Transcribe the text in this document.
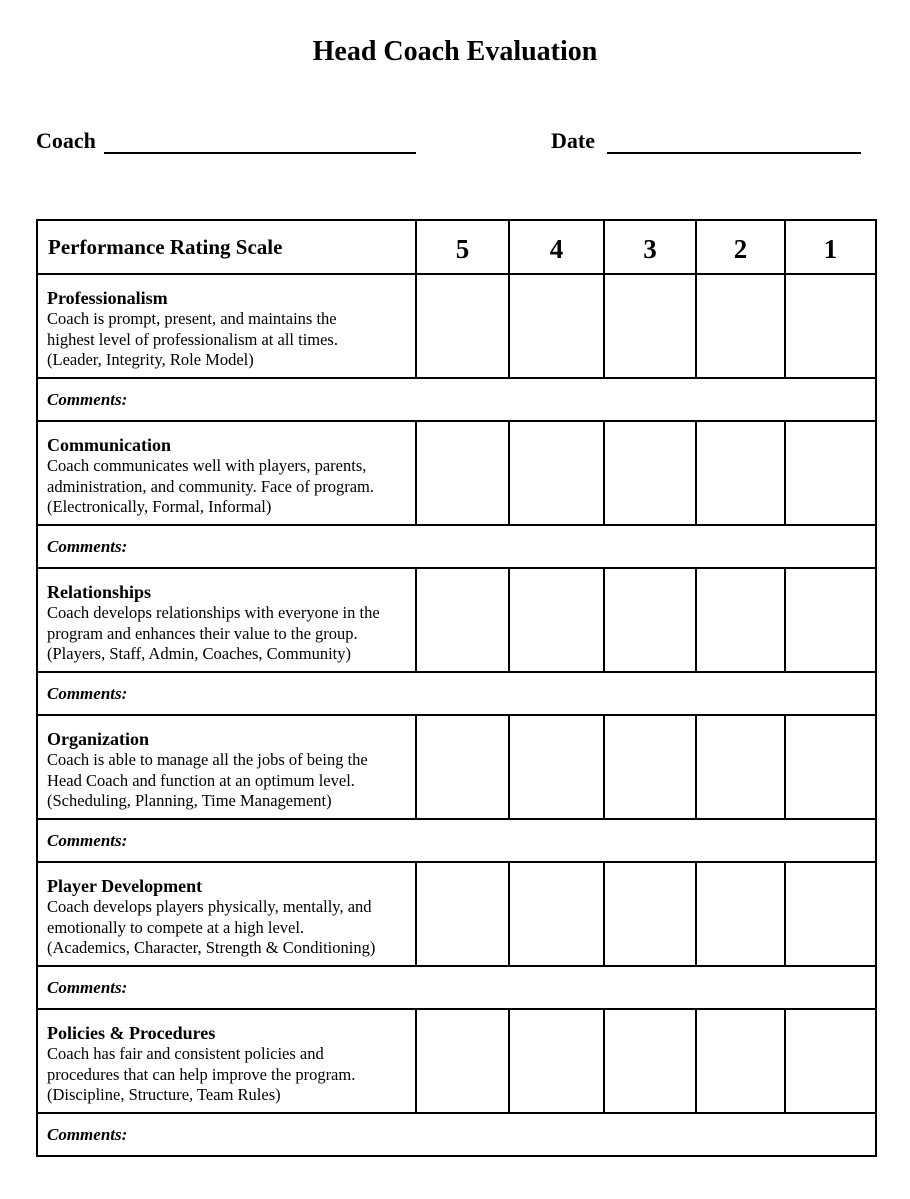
Head Coach Evaluation
Coach	Date
Performance Rating Scale	5	4	3	2	1

Professionalism
Coach is prompt, present, and maintains the
highest level of professionalism at all times.
(Leader, Integrity, Role Model)					

Comments:					

Communication
Coach communicates well with players, parents,
administration, and community. Face of program.
(Electronically, Formal, Informal)					

Comments:					

Relationships
Coach develops relationships with everyone in the
program and enhances their value to the group.
(Players, Staff, Admin, Coaches, Community)					

Comments:					

Organization
Coach is able to manage all the jobs of being the
Head Coach and function at an optimum level.
(Scheduling, Planning, Time Management)					

Comments:					

Player Development
Coach develops players physically, mentally, and
emotionally to compete at a high level.
(Academics, Character, Strength & Conditioning)					

Comments:					

Policies & Procedures
Coach has fair and consistent policies and
procedures that can help improve the program.
(Discipline, Structure, Team Rules)					

Comments:					
